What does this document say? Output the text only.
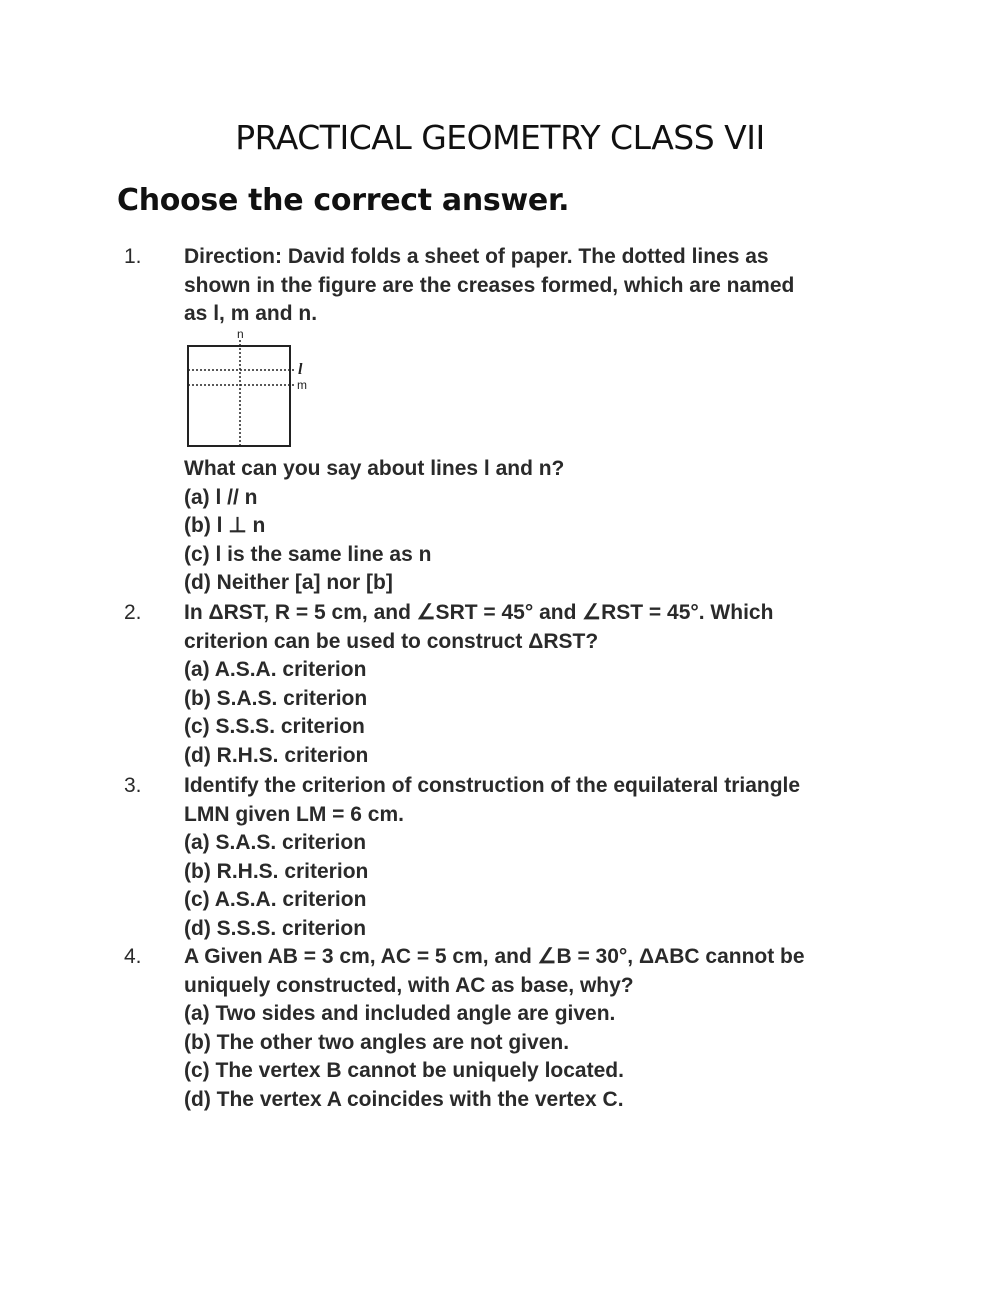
PRACTICAL GEOMETRY CLASS VII
Choose the correct answer.
1. Direction: David folds a sheet of paper. The dotted lines as
shown in the figure are the creases formed, which are named
as l, m and n.
n
l
m
What can you say about lines l and n?
(a) l // n
(b) l ⊥ n
(c) l is the same line as n
(d) Neither [a] nor [b]
2. In ΔRST, R = 5 cm, and ∠SRT = 45° and ∠RST = 45°. Which
criterion can be used to construct ΔRST?
(a) A.S.A. criterion
(b) S.A.S. criterion
(c) S.S.S. criterion
(d) R.H.S. criterion
3. Identify the criterion of construction of the equilateral triangle
LMN given LM = 6 cm.
(a) S.A.S. criterion
(b) R.H.S. criterion
(c) A.S.A. criterion
(d) S.S.S. criterion
4. A Given AB = 3 cm, AC = 5 cm, and ∠B = 30°, ΔABC cannot be
uniquely constructed, with AC as base, why?
(a) Two sides and included angle are given.
(b) The other two angles are not given.
(c) The vertex B cannot be uniquely located.
(d) The vertex A coincides with the vertex C.
